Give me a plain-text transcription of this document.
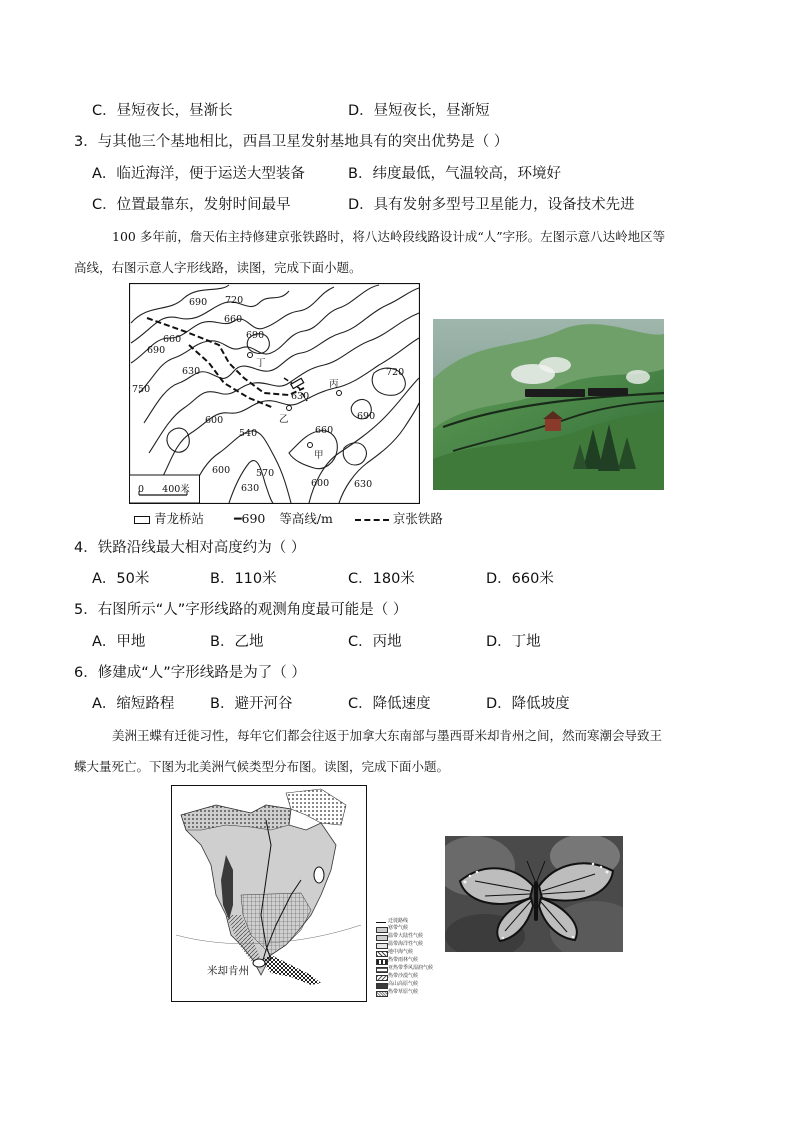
C．昼短夜长，昼渐长	D．昼短夜长，昼渐短
3．与其他三个基地相比，西昌卫星发射基地具有的突出优势是（ ）
A．临近海洋，便于运送大型装备	B．纬度最低，气温较高，环境好
C．位置最靠东，发射时间最早	D．具有发射多型号卫星能力，设备技术先进
100 多年前，詹天佑主持修建京张铁路时，将八达岭段线路设计成“人”字形。左图示意八达岭地区等
高线，右图示意人字形线路，读图，完成下面小题。
690 720
660
690
690
660
630
750
丁
630
丙
720
600	乙
540	660
690
甲
600	570
600
630	630
0      400米
青龙桥站 ━690 等高线/m	京张铁路
4．铁路沿线最大相对高度约为（ ）
A．50米	B．110米	C．180米	D．660米
5．右图所示“人”字形线路的观测角度最可能是（ ）
A．甲地	B．乙地	C．丙地	D．丁地
6．修建成“人”字形线路是为了（ ）
A．缩短路程 B．避开河谷	C．降低速度	D．降低坡度
美洲王蝶有迁徙习性，每年它们都会往返于加拿大东南部与墨西哥米却肯州之间，然而寒潮会导致王
蝶大量死亡。下图为北美洲气候类型分布图。读图，完成下面小题。
米却肯州
迁徙路线
寒带气候
温带大陆性气候
温带海洋性气候
地中海气候
热带雨林气候
亚热带季风湿润气候
热带沙漠气候
高山高原气候
热带草原气候
